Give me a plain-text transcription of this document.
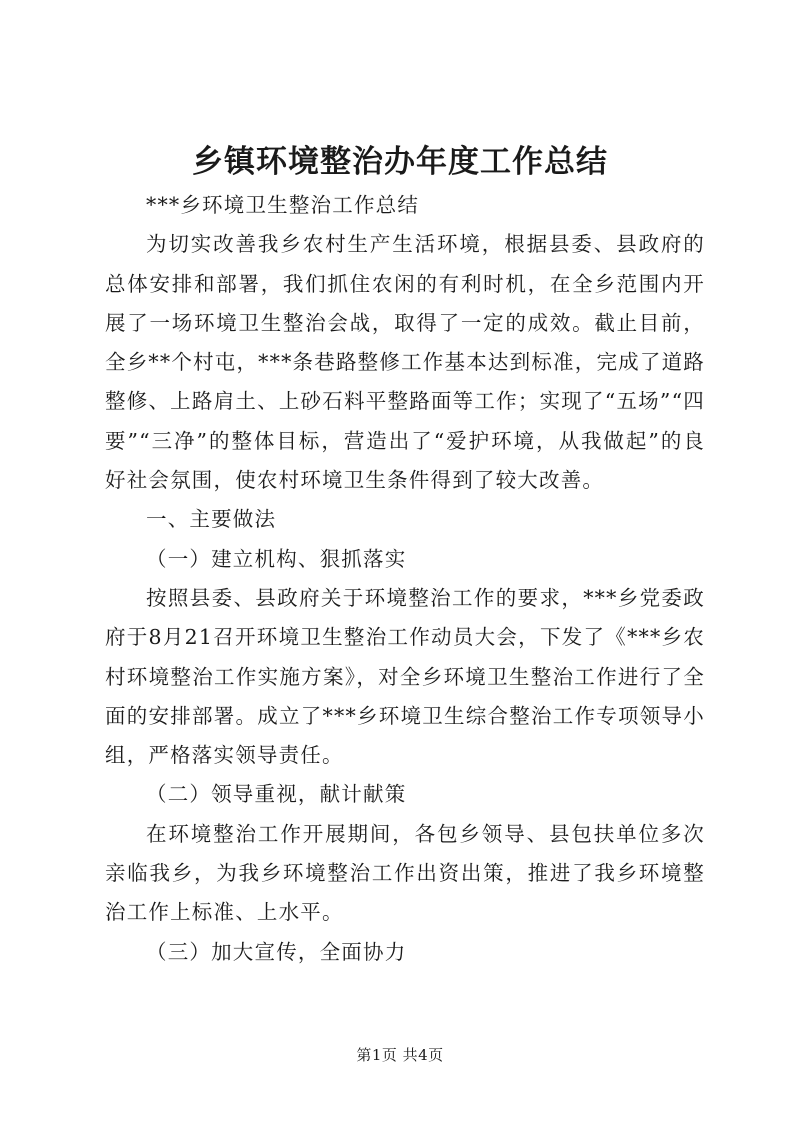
乡镇环境整治办年度工作总结

***乡环境卫生整治工作总结

为切实改善我乡农村生产生活环境，根据县委、县政府的总体安排和部署，我们抓住农闲的有利时机，在全乡范围内开展了一场环境卫生整治会战，取得了一定的成效。截止目前，全乡**个村屯，***条巷路整修工作基本达到标准，完成了道路整修、上路肩土、上砂石料平整路面等工作；实现了“五场”“四要”“三净”的整体目标，营造出了“爱护环境，从我做起”的良好社会氛围，使农村环境卫生条件得到了较大改善。

一、主要做法

（一）建立机构、狠抓落实

按照县委、县政府关于环境整治工作的要求，***乡党委政府于8月21召开环境卫生整治工作动员大会，下发了《***乡农村环境整治工作实施方案》，对全乡环境卫生整治工作进行了全面的安排部署。成立了***乡环境卫生综合整治工作专项领导小组，严格落实领导责任。

（二）领导重视，献计献策

在环境整治工作开展期间，各包乡领导、县包扶单位多次亲临我乡，为我乡环境整治工作出资出策，推进了我乡环境整治工作上标准、上水平。

（三）加大宣传，全面协力

第1页 共4页
